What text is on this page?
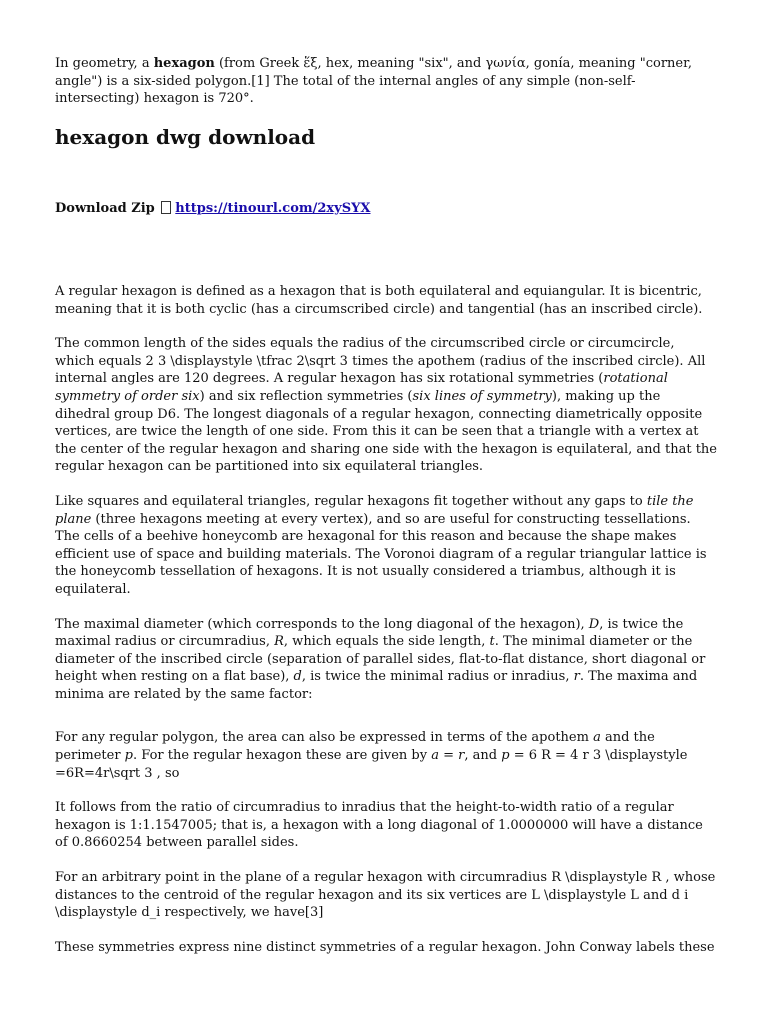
In geometry, a hexagon (from Greek ἕξ, hex, meaning "six", and γωνία, gonía, meaning "corner, angle") is a six-sided polygon.[1] The total of the internal angles of any simple (non-self-intersecting) hexagon is 720°.

hexagon dwg download
Download Zip https://tinourl.com/2xySYX

A regular hexagon is defined as a hexagon that is both equilateral and equiangular. It is bicentric, meaning that it is both cyclic (has a circumscribed circle) and tangential (has an inscribed circle).

The common length of the sides equals the radius of the circumscribed circle or circumcircle, which equals 2 3 \displaystyle \tfrac 2\sqrt 3 times the apothem (radius of the inscribed circle). All internal angles are 120 degrees. A regular hexagon has six rotational symmetries (rotational symmetry of order six) and six reflection symmetries (six lines of symmetry), making up the dihedral group D6. The longest diagonals of a regular hexagon, connecting diametrically opposite vertices, are twice the length of one side. From this it can be seen that a triangle with a vertex at the center of the regular hexagon and sharing one side with the hexagon is equilateral, and that the regular hexagon can be partitioned into six equilateral triangles.

Like squares and equilateral triangles, regular hexagons fit together without any gaps to tile the plane (three hexagons meeting at every vertex), and so are useful for constructing tessellations. The cells of a beehive honeycomb are hexagonal for this reason and because the shape makes efficient use of space and building materials. The Voronoi diagram of a regular triangular lattice is the honeycomb tessellation of hexagons. It is not usually considered a triambus, although it is equilateral.

The maximal diameter (which corresponds to the long diagonal of the hexagon), D, is twice the maximal radius or circumradius, R, which equals the side length, t. The minimal diameter or the diameter of the inscribed circle (separation of parallel sides, flat-to-flat distance, short diagonal or height when resting on a flat base), d, is twice the minimal radius or inradius, r. The maxima and minima are related by the same factor:

For any regular polygon, the area can also be expressed in terms of the apothem a and the perimeter p. For the regular hexagon these are given by a = r, and p = 6 R = 4 r 3 \displaystyle =6R=4r\sqrt 3 , so

It follows from the ratio of circumradius to inradius that the height-to-width ratio of a regular hexagon is 1:1.1547005; that is, a hexagon with a long diagonal of 1.0000000 will have a distance of 0.8660254 between parallel sides.

For an arbitrary point in the plane of a regular hexagon with circumradius R \displaystyle R , whose distances to the centroid of the regular hexagon and its six vertices are L \displaystyle L and d i \displaystyle d_i respectively, we have[3]

These symmetries express nine distinct symmetries of a regular hexagon. John Conway labels these
